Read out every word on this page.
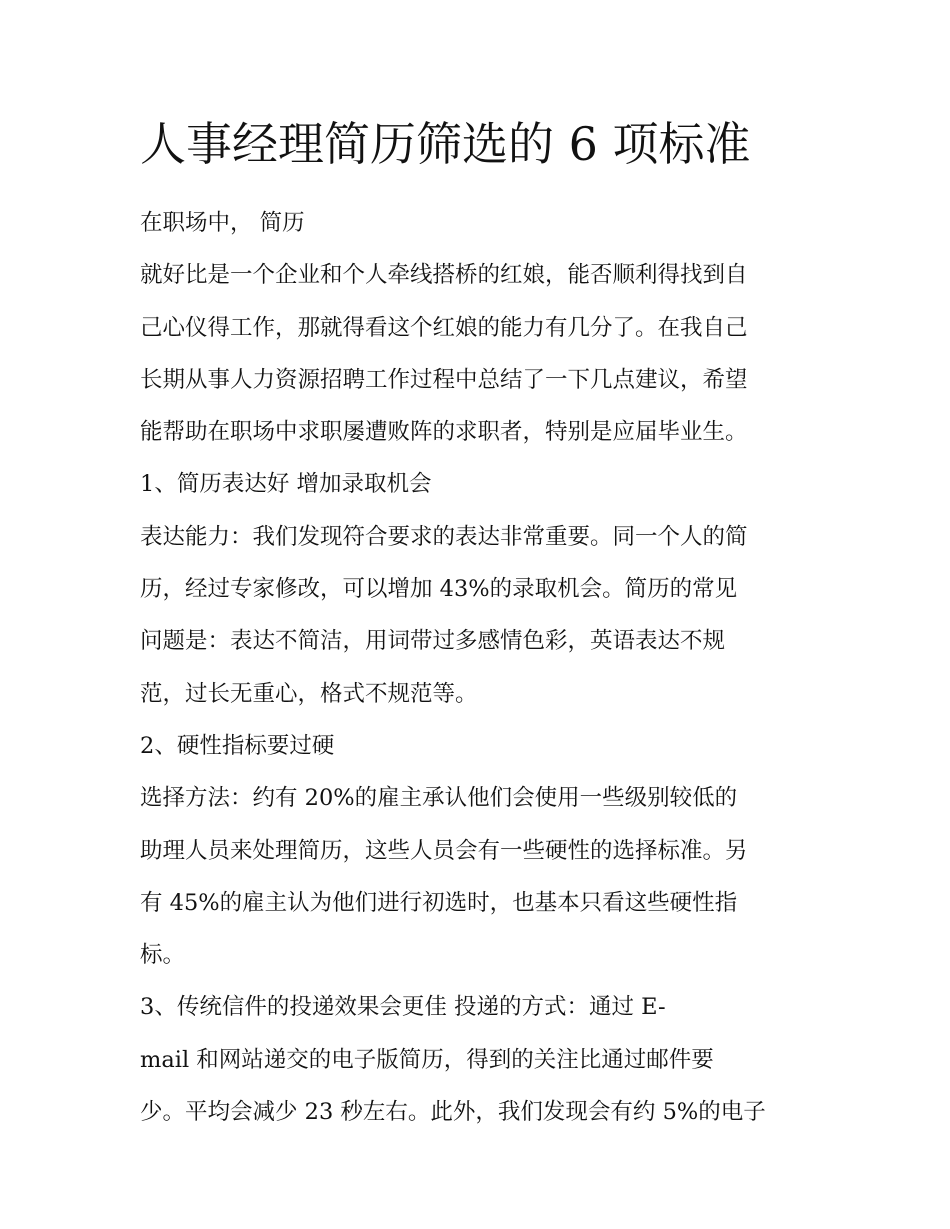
人事经理简历筛选的 6 项标准
在职场中， 简历
就好比是一个企业和个人牵线搭桥的红娘，能否顺利得找到自
己心仪得工作，那就得看这个红娘的能力有几分了。在我自己
长期从事人力资源招聘工作过程中总结了一下几点建议，希望
能帮助在职场中求职屡遭败阵的求职者，特别是应届毕业生。
1、简历表达好 增加录取机会
表达能力：我们发现符合要求的表达非常重要。同一个人的简
历，经过专家修改，可以增加 43%的录取机会。简历的常见
问题是：表达不简洁，用词带过多感情色彩，英语表达不规
范，过长无重心，格式不规范等。
2、硬性指标要过硬
选择方法：约有 20%的雇主承认他们会使用一些级别较低的
助理人员来处理简历，这些人员会有一些硬性的选择标准。另
有 45%的雇主认为他们进行初选时，也基本只看这些硬性指
标。
3、传统信件的投递效果会更佳 投递的方式：通过 E-
mail 和网站递交的电子版简历，得到的关注比通过邮件要
少。平均会减少 23 秒左右。此外，我们发现会有约 5%的电子
